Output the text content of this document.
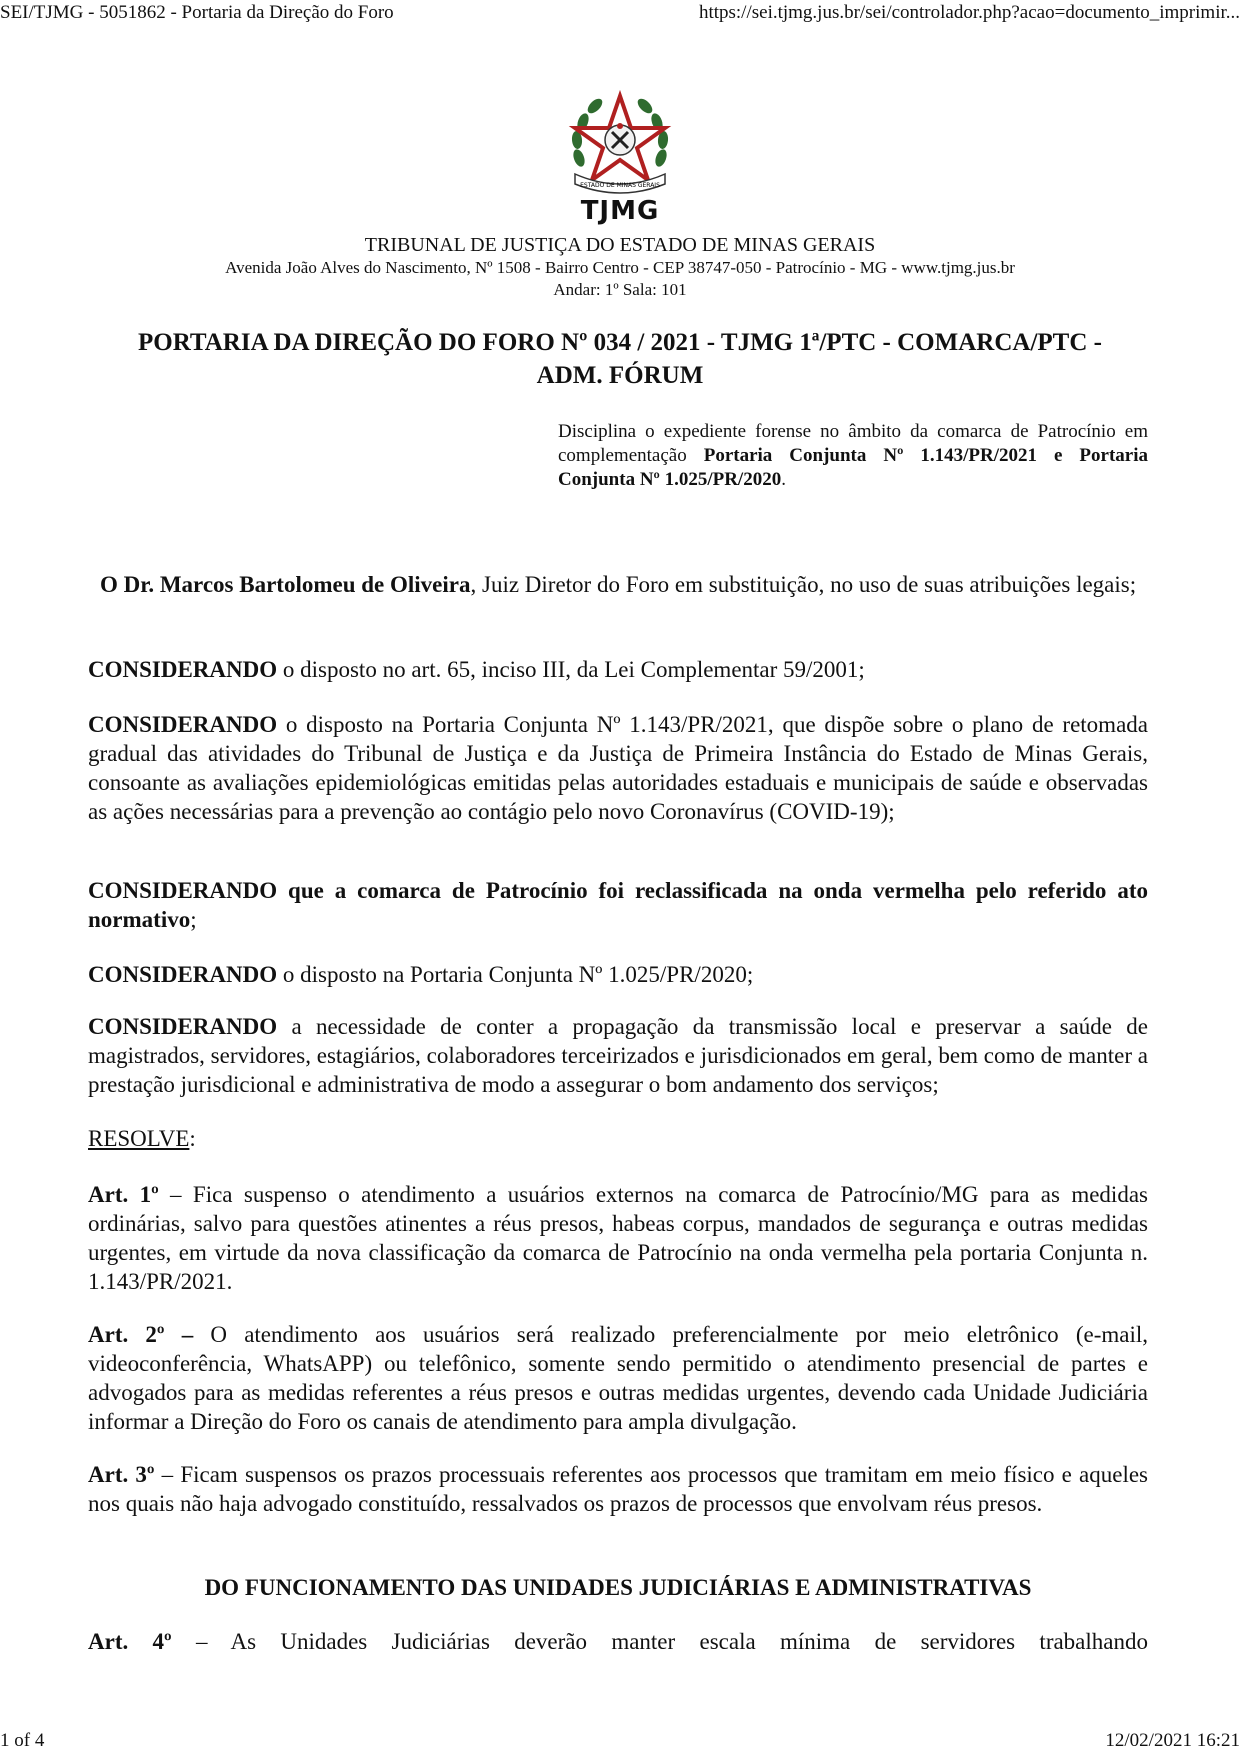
SEI/TJMG - 5051862 - Portaria da Direção do Foro	https://sei.tjmg.jus.br/sei/controlador.php?acao=documento_imprimir...
ESTADO DE MINAS GERAIS
TJMG
TRIBUNAL DE JUSTIÇA DO ESTADO DE MINAS GERAIS
Avenida João Alves do Nascimento, Nº 1508 - Bairro Centro - CEP 38747-050 - Patrocínio - MG - www.tjmg.jus.br
Andar: 1º Sala: 101
PORTARIA DA DIREÇÃO DO FORO Nº 034 / 2021 - TJMG 1ª/PTC - COMARCA/PTC -
ADM. FÓRUM
Disciplina o expediente forense no âmbito da comarca de Patrocínio em complementação Portaria Conjunta Nº 1.143/PR/2021 e Portaria Conjunta Nº 1.025/PR/2020.

O Dr. Marcos Bartolomeu de Oliveira, Juiz Diretor do Foro em substituição, no uso de suas atribuições legais;

CONSIDERANDO o disposto no art. 65, inciso III, da Lei Complementar 59/2001;

CONSIDERANDO o disposto na Portaria Conjunta Nº 1.143/PR/2021, que dispõe sobre o plano de retomada gradual das atividades do Tribunal de Justiça e da Justiça de Primeira Instância do Estado de Minas Gerais, consoante as avaliações epidemiológicas emitidas pelas autoridades estaduais e municipais de saúde e observadas as ações necessárias para a prevenção ao contágio pelo novo Coronavírus (COVID-19);

CONSIDERANDO que a comarca de Patrocínio foi reclassificada na onda vermelha pelo referido ato normativo;

CONSIDERANDO o disposto na Portaria Conjunta Nº 1.025/PR/2020;

CONSIDERANDO a necessidade de conter a propagação da transmissão local e preservar a saúde de magistrados, servidores, estagiários, colaboradores terceirizados e jurisdicionados em geral, bem como de manter a prestação jurisdicional e administrativa de modo a assegurar o bom andamento dos serviços;

RESOLVE:

Art. 1º – Fica suspenso o atendimento a usuários externos na comarca de Patrocínio/MG para as medidas ordinárias, salvo para questões atinentes a réus presos, habeas corpus, mandados de segurança e outras medidas urgentes, em virtude da nova classificação da comarca de Patrocínio na onda vermelha pela portaria Conjunta n. 1.143/PR/2021.

Art. 2º – O atendimento aos usuários será realizado preferencialmente por meio eletrônico (e-mail, videoconferência, WhatsAPP) ou telefônico, somente sendo permitido o atendimento presencial de partes e advogados para as medidas referentes a réus presos e outras medidas urgentes, devendo cada Unidade Judiciária informar a Direção do Foro os canais de atendimento para ampla divulgação.

Art. 3º – Ficam suspensos os prazos processuais referentes aos processos que tramitam em meio físico e aqueles nos quais não haja advogado constituído, ressalvados os prazos de processos que envolvam réus presos.

DO FUNCIONAMENTO DAS UNIDADES JUDICIÁRIAS E ADMINISTRATIVAS

Art. 4º – As Unidades Judiciárias deverão manter escala mínima de servidores trabalhando

1 of 4	12/02/2021 16:21
